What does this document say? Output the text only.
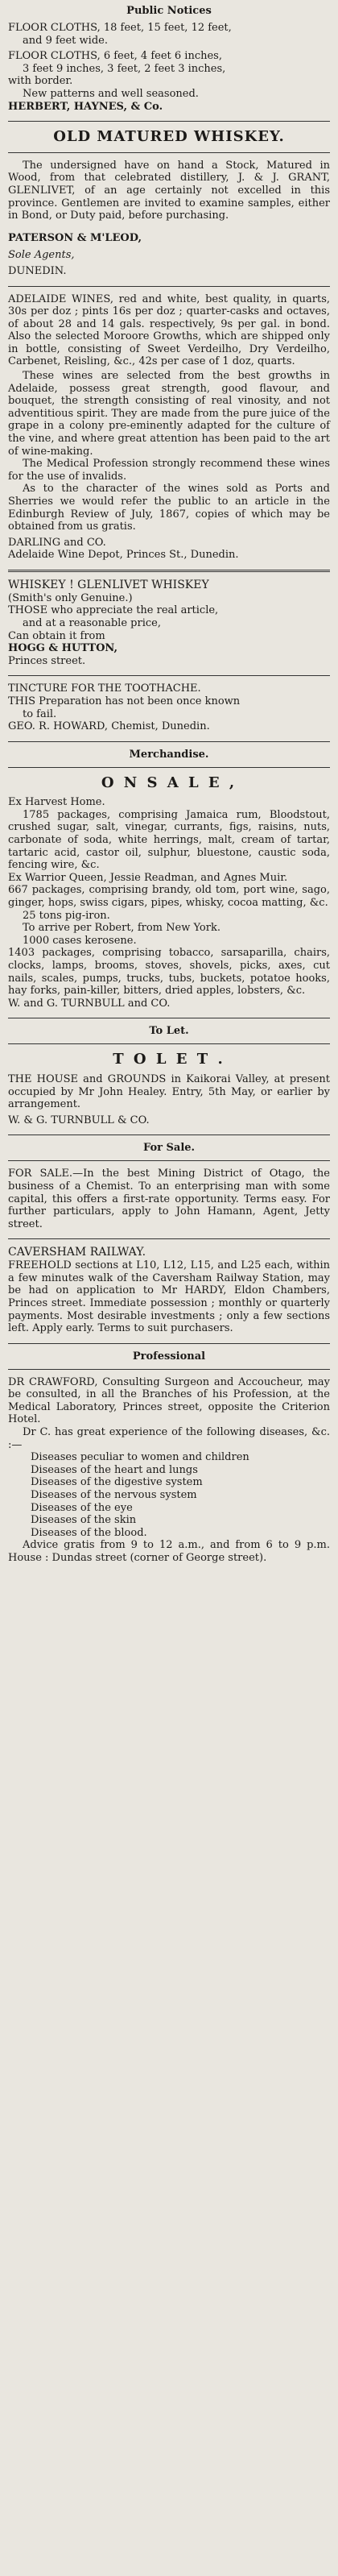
Public Notices

FLOOR CLOTHS, 18 feet, 15 feet, 12 feet,

and 9 feet wide.

FLOOR CLOTHS, 6 feet, 4 feet 6 inches,

3 feet 9 inches, 3 feet, 2 feet 3 inches,

with border.

New patterns and well seasoned.

HERBERT, HAYNES, & Co.

OLD MATURED WHISKEY.

The undersigned have on hand a Stock, Matured in Wood, from that celebrated distillery, J. & J. GRANT, GLENLIVET, of an age certainly not excelled in this province. Gentlemen are invited to examine samples, either in Bond, or Duty paid, before purchasing.

PATERSON & M'LEOD,

Sole Agents,

DUNEDIN.

ADELAIDE WINES, red and white, best quality, in quarts, 30s per doz ; pints 16s per doz ; quarter-casks and octaves, of about 28 and 14 gals. respectively, 9s per gal. in bond. Also the selected Moroore Growths, which are shipped only in bottle, consisting of Sweet Verdeilho, Dry Verdeilho, Carbenet, Reisling, &c., 42s per case of 1 doz, quarts.

These wines are selected from the best growths in Adelaide, possess great strength, good flavour, and bouquet, the strength consisting of real vinosity, and not adventitious spirit. They are made from the pure juice of the grape in a colony pre-eminently adapted for the culture of the vine, and where great attention has been paid to the art of wine-making.

The Medical Profession strongly recommend these wines for the use of invalids.

As to the character of the wines sold as Ports and Sherries we would refer the public to an article in the Edinburgh Review of July, 1867, copies of which may be obtained from us gratis.

DARLING and CO.

Adelaide Wine Depot, Princes St., Dunedin.

WHISKEY ! GLENLIVET WHISKEY

(Smith's only Genuine.)

THOSE who appreciate the real article,

and at a reasonable price,

Can obtain it from

HOGG & HUTTON,

Princes street.

TINCTURE FOR THE TOOTHACHE.

THIS Preparation has not been once known

to fail.

GEO. R. HOWARD, Chemist, Dunedin.

Merchandise.
O N S A L E ,

Ex Harvest Home.

1785 packages, comprising Jamaica rum, Bloodstout, crushed sugar, salt, vinegar, currants, figs, raisins, nuts, carbonate of soda, white herrings, malt, cream of tartar, tartaric acid, castor oil, sulphur, bluestone, caustic soda, fencing wire, &c.

Ex Warrior Queen, Jessie Readman, and Agnes Muir.

667 packages, comprising brandy, old tom, port wine, sago, ginger, hops, swiss cigars, pipes, whisky, cocoa matting, &c.

25 tons pig-iron.

To arrive per Robert, from New York.

1000 cases kerosene.

1403 packages, comprising tobacco, sarsaparilla, chairs, clocks, lamps, brooms, stoves, shovels, picks, axes, cut nails, scales, pumps, trucks, tubs, buckets, potatoe hooks, hay forks, pain-killer, bitters, dried apples, lobsters, &c.

W. and G. TURNBULL and CO.

To Let.
T O L E T .

THE HOUSE and GROUNDS in Kaikorai Valley, at present occupied by Mr John Healey. Entry, 5th May, or earlier by arrangement.

W. & G. TURNBULL & CO.

For Sale.

FOR SALE.—In the best Mining District of Otago, the business of a Chemist. To an enterprising man with some capital, this offers a first-rate opportunity. Terms easy. For further particulars, apply to John Hamann, Agent, Jetty street.

CAVERSHAM RAILWAY.

FREEHOLD sections at L10, L12, L15, and L25 each, within a few minutes walk of the Caversham Railway Station, may be had on application to Mr HARDY, Eldon Chambers, Princes street. Immediate possession ; monthly or quarterly payments. Most desirable investments ; only a few sections left. Apply early. Terms to suit purchasers.

Professional

DR CRAWFORD, Consulting Surgeon and Accoucheur, may be consulted, in all the Branches of his Profession, at the Medical Laboratory, Princes street, opposite the Criterion Hotel.

Dr C. has great experience of the following diseases, &c. :—

Diseases peculiar to women and children

Diseases of the heart and lungs

Diseases of the digestive system

Diseases of the nervous system

Diseases of the eye

Diseases of the skin

Diseases of the blood.

Advice gratis from 9 to 12 a.m., and from 6 to 9 p.m. House : Dundas street (corner of George street).
